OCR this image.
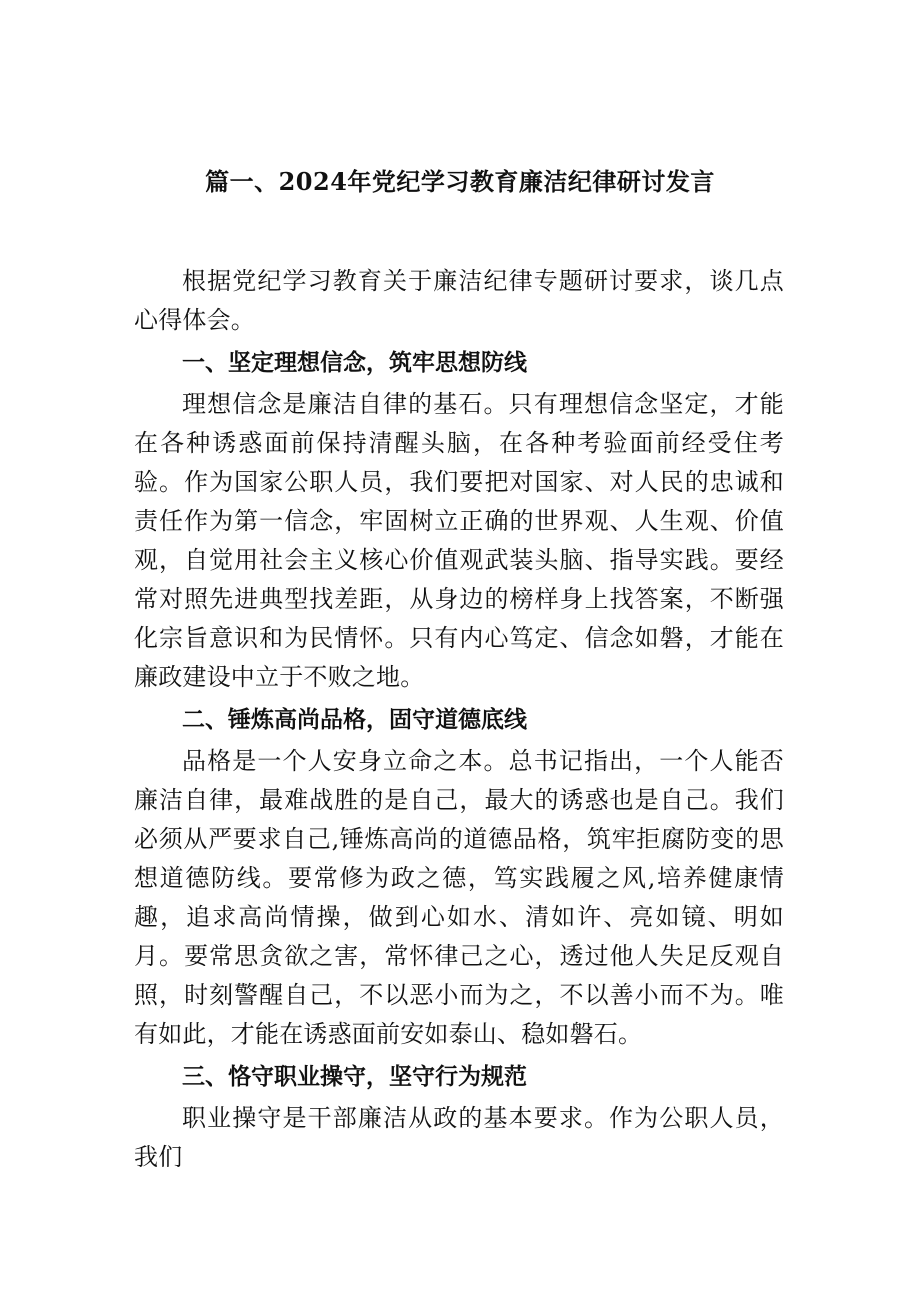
篇一、2024年党纪学习教育廉洁纪律研讨发言

根据党纪学习教育关于廉洁纪律专题研讨要求，谈几点心得体会。

一、坚定理想信念，筑牢思想防线

理想信念是廉洁自律的基石。只有理想信念坚定，才能在各种诱惑面前保持清醒头脑，在各种考验面前经受住考验。作为国家公职人员，我们要把对国家、对人民的忠诚和责任作为第一信念，牢固树立正确的世界观、人生观、价值观，自觉用社会主义核心价值观武装头脑、指导实践。要经常对照先进典型找差距，从身边的榜样身上找答案，不断强化宗旨意识和为民情怀。只有内心笃定、信念如磐，才能在廉政建设中立于不败之地。

二、锤炼高尚品格，固守道德底线

品格是一个人安身立命之本。总书记指出，一个人能否廉洁自律，最难战胜的是自己，最大的诱惑也是自己。我们必须从严要求自己,锤炼高尚的道德品格，筑牢拒腐防变的思想道德防线。要常修为政之德，笃实践履之风,培养健康情趣，追求高尚情操，做到心如水、清如许、亮如镜、明如月。要常思贪欲之害，常怀律己之心，透过他人失足反观自照，时刻警醒自己，不以恶小而为之，不以善小而不为。唯有如此，才能在诱惑面前安如泰山、稳如磐石。

三、恪守职业操守，坚守行为规范

职业操守是干部廉洁从政的基本要求。作为公职人员，我们
